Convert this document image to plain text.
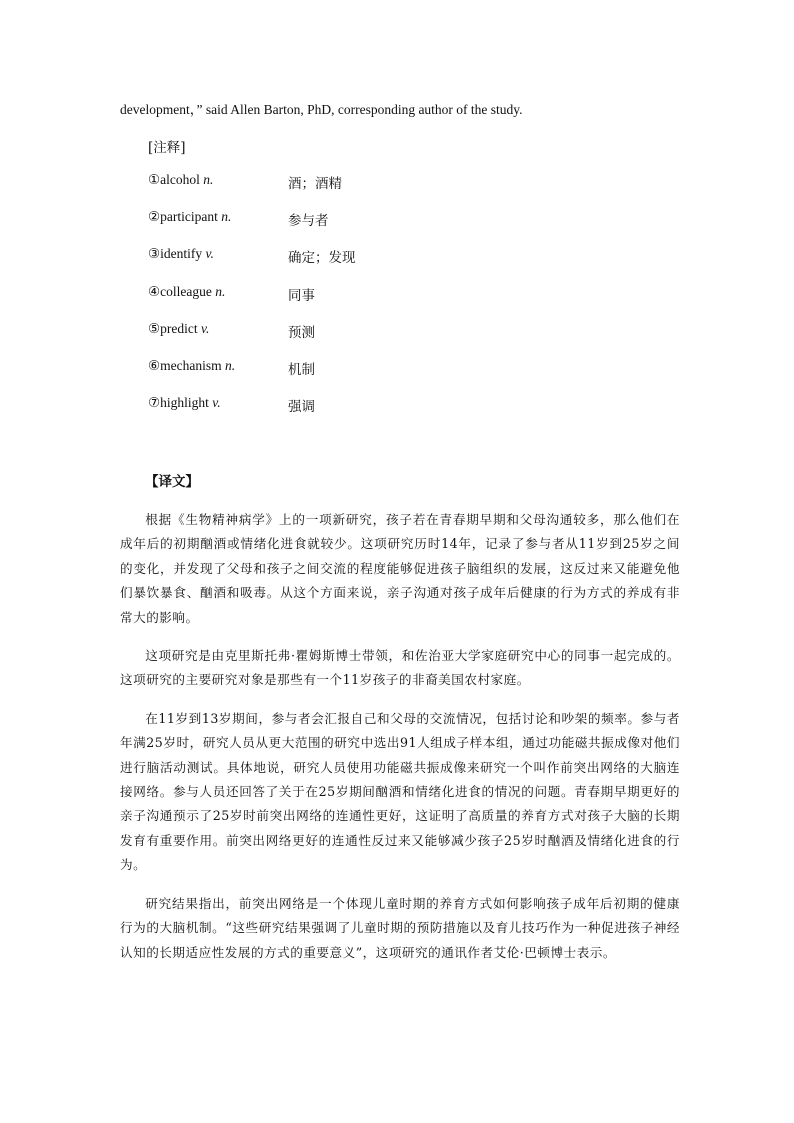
development，” said Allen Barton, PhD, corresponding author of the study.
[注释]
①alcohol n.	酒；酒精
②participant n.	参与者
③identify v.	确定；发现
④colleague n.	同事
⑤predict v.	预测
⑥mechanism n.	机制
⑦highlight v.	强调
【译文】

根据《生物精神病学》上的一项新研究，孩子若在青春期早期和父母沟通较多，那么他们在成年后的初期酗酒或情绪化进食就较少。这项研究历时14年，记录了参与者从11岁到25岁之间的变化，并发现了父母和孩子之间交流的程度能够促进孩子脑组织的发展，这反过来又能避免他们暴饮暴食、酗酒和吸毒。从这个方面来说，亲子沟通对孩子成年后健康的行为方式的养成有非常大的影响。

这项研究是由克里斯托弗·瞿姆斯博士带领，和佐治亚大学家庭研究中心的同事一起完成的。这项研究的主要研究对象是那些有一个11岁孩子的非裔美国农村家庭。

在11岁到13岁期间，参与者会汇报自己和父母的交流情况，包括讨论和吵架的频率。参与者年满25岁时，研究人员从更大范围的研究中选出91人组成子样本组，通过功能磁共振成像对他们进行脑活动测试。具体地说，研究人员使用功能磁共振成像来研究一个叫作前突出网络的大脑连接网络。参与人员还回答了关于在25岁期间酗酒和情绪化进食的情况的问题。青春期早期更好的亲子沟通预示了25岁时前突出网络的连通性更好，这证明了高质量的养育方式对孩子大脑的长期发育有重要作用。前突出网络更好的连通性反过来又能够减少孩子25岁时酗酒及情绪化进食的行为。

研究结果指出，前突出网络是一个体现儿童时期的养育方式如何影响孩子成年后初期的健康行为的大脑机制。“这些研究结果强调了儿童时期的预防措施以及育儿技巧作为一种促进孩子神经认知的长期适应性发展的方式的重要意义”，这项研究的通讯作者艾伦·巴顿博士表示。
